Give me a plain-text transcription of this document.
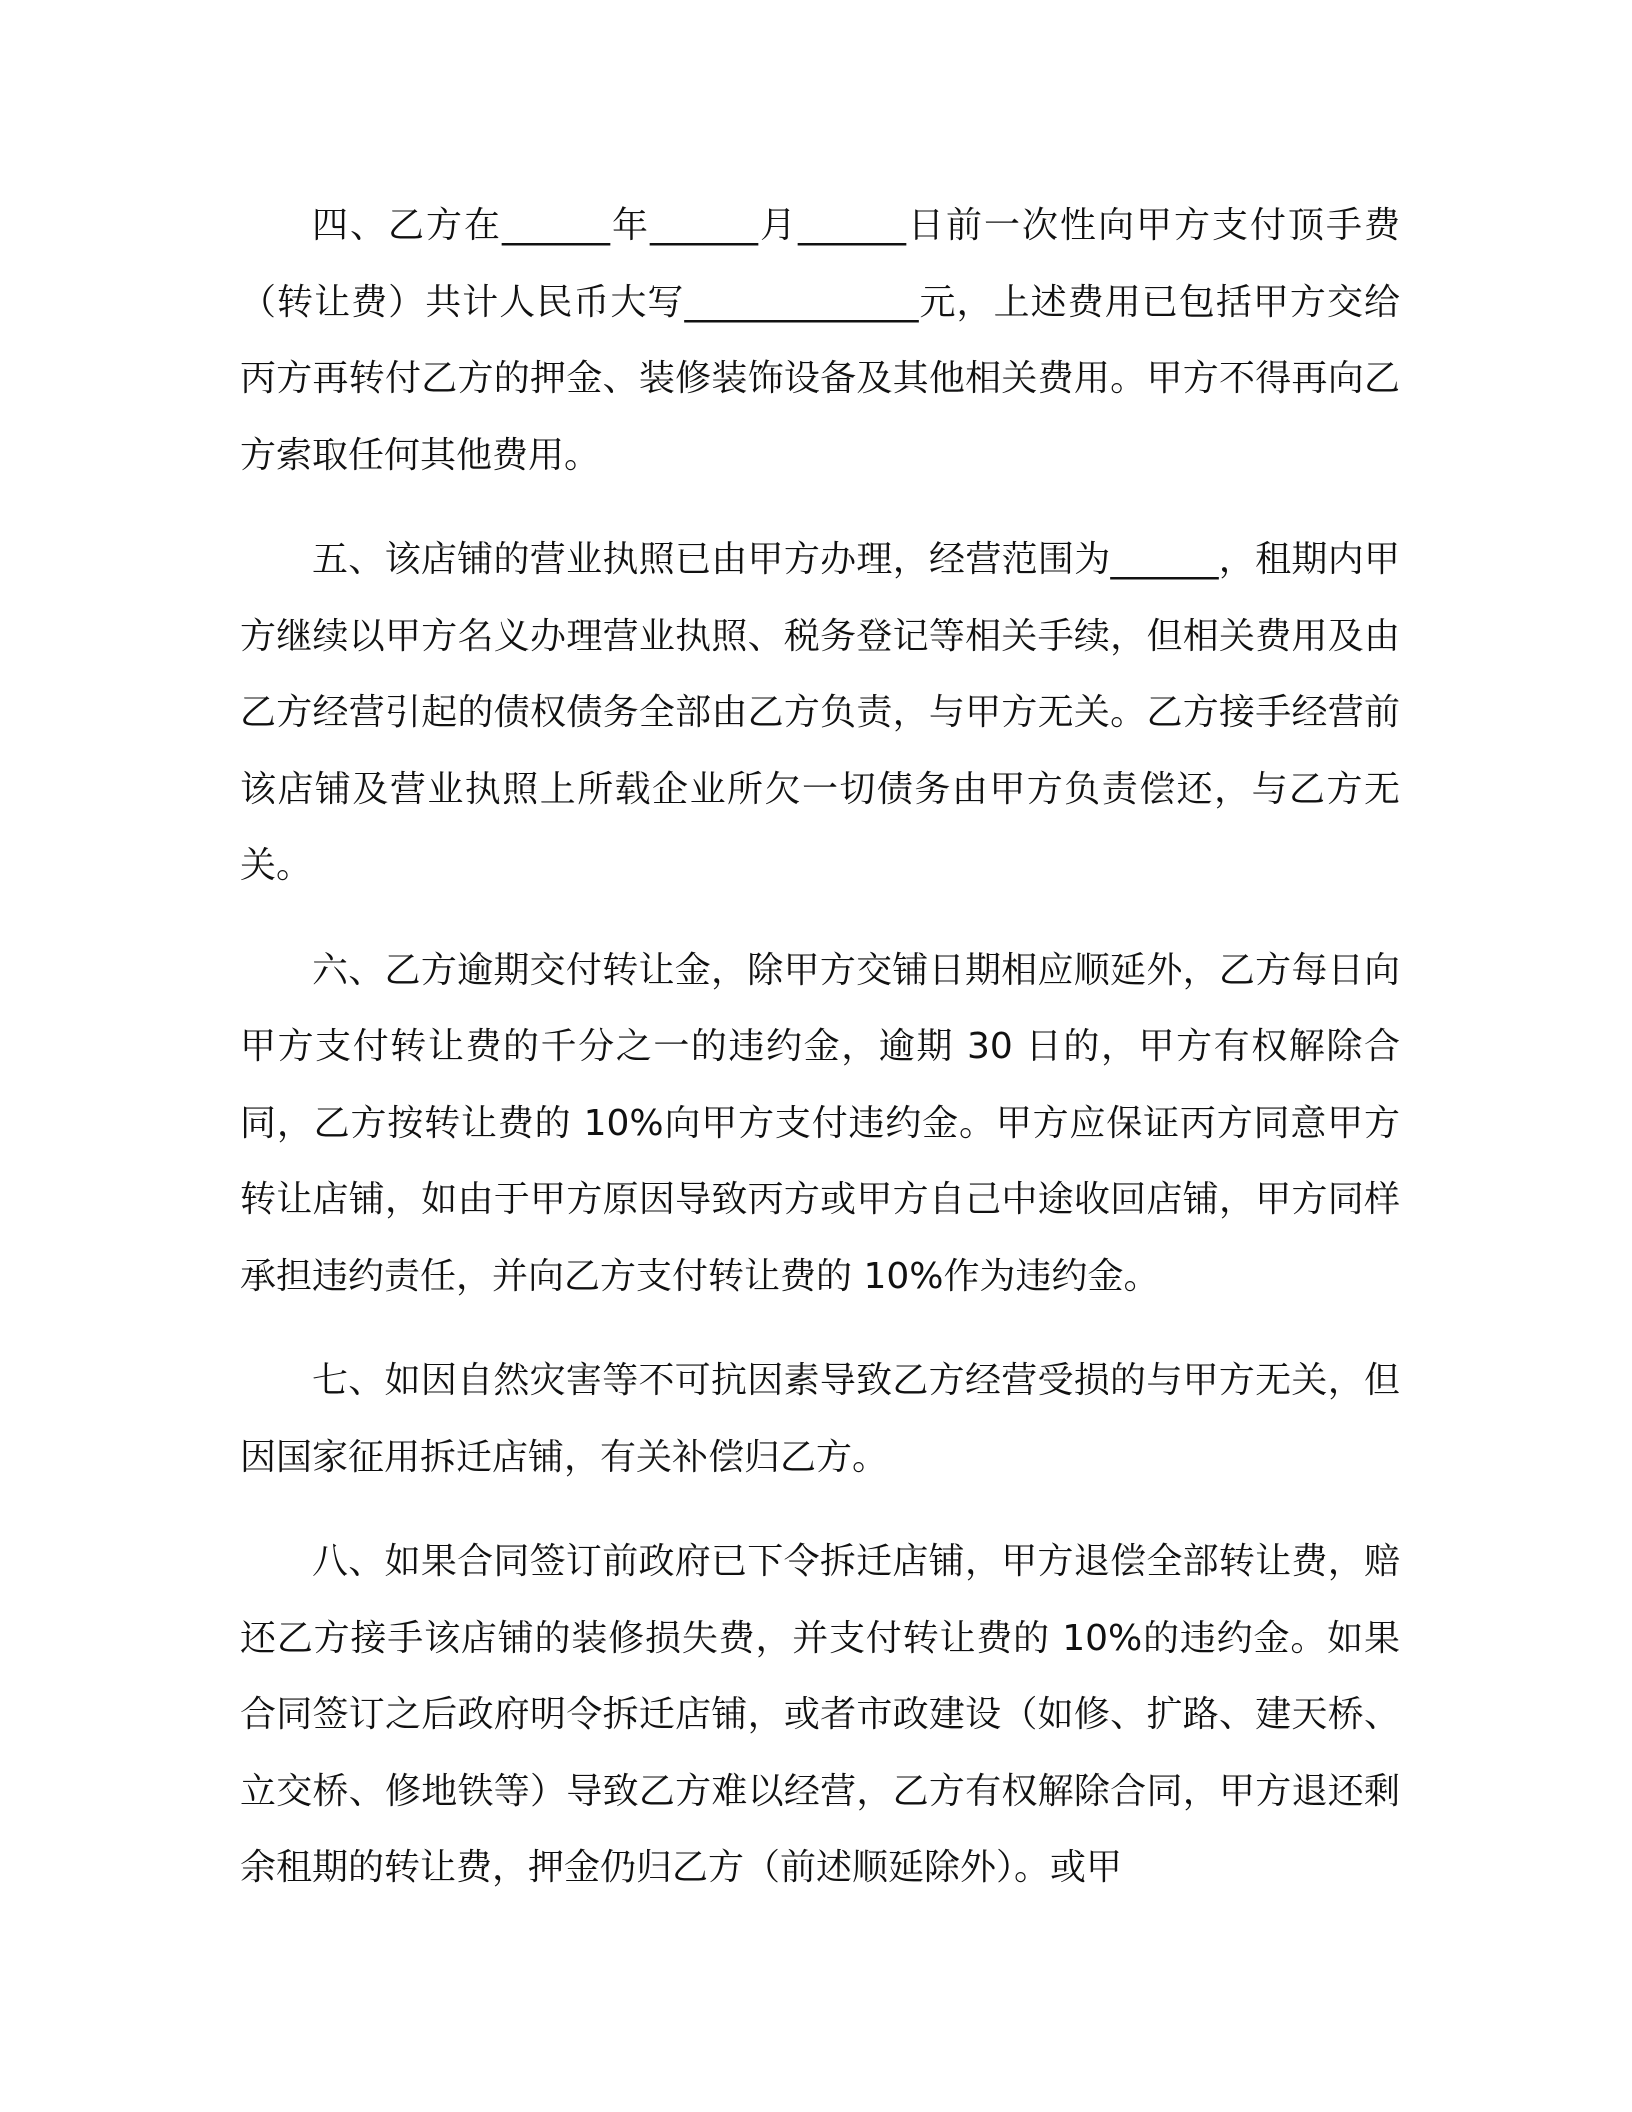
四、乙方在______年______月______日前一次性向甲方支付顶手费（转让费）共计人民币大写_____________元，上述费用已包括甲方交给丙方再转付乙方的押金、装修装饰设备及其他相关费用。甲方不得再向乙方索取任何其他费用。

五、该店铺的营业执照已由甲方办理，经营范围为______，租期内甲方继续以甲方名义办理营业执照、税务登记等相关手续，但相关费用及由乙方经营引起的债权债务全部由乙方负责，与甲方无关。乙方接手经营前该店铺及营业执照上所载企业所欠一切债务由甲方负责偿还，与乙方无关。

六、乙方逾期交付转让金，除甲方交铺日期相应顺延外，乙方每日向甲方支付转让费的千分之一的违约金，逾期 30 日的，甲方有权解除合同，乙方按转让费的 10%向甲方支付违约金。甲方应保证丙方同意甲方转让店铺，如由于甲方原因导致丙方或甲方自己中途收回店铺，甲方同样承担违约责任，并向乙方支付转让费的 10%作为违约金。

七、如因自然灾害等不可抗因素导致乙方经营受损的与甲方无关，但因国家征用拆迁店铺，有关补偿归乙方。

八、如果合同签订前政府已下令拆迁店铺，甲方退偿全部转让费，赔还乙方接手该店铺的装修损失费，并支付转让费的 10%的违约金。如果合同签订之后政府明令拆迁店铺，或者市政建设（如修、扩路、建天桥、立交桥、修地铁等）导致乙方难以经营，乙方有权解除合同，甲方退还剩余租期的转让费，押金仍归乙方（前述顺延除外）。或甲
